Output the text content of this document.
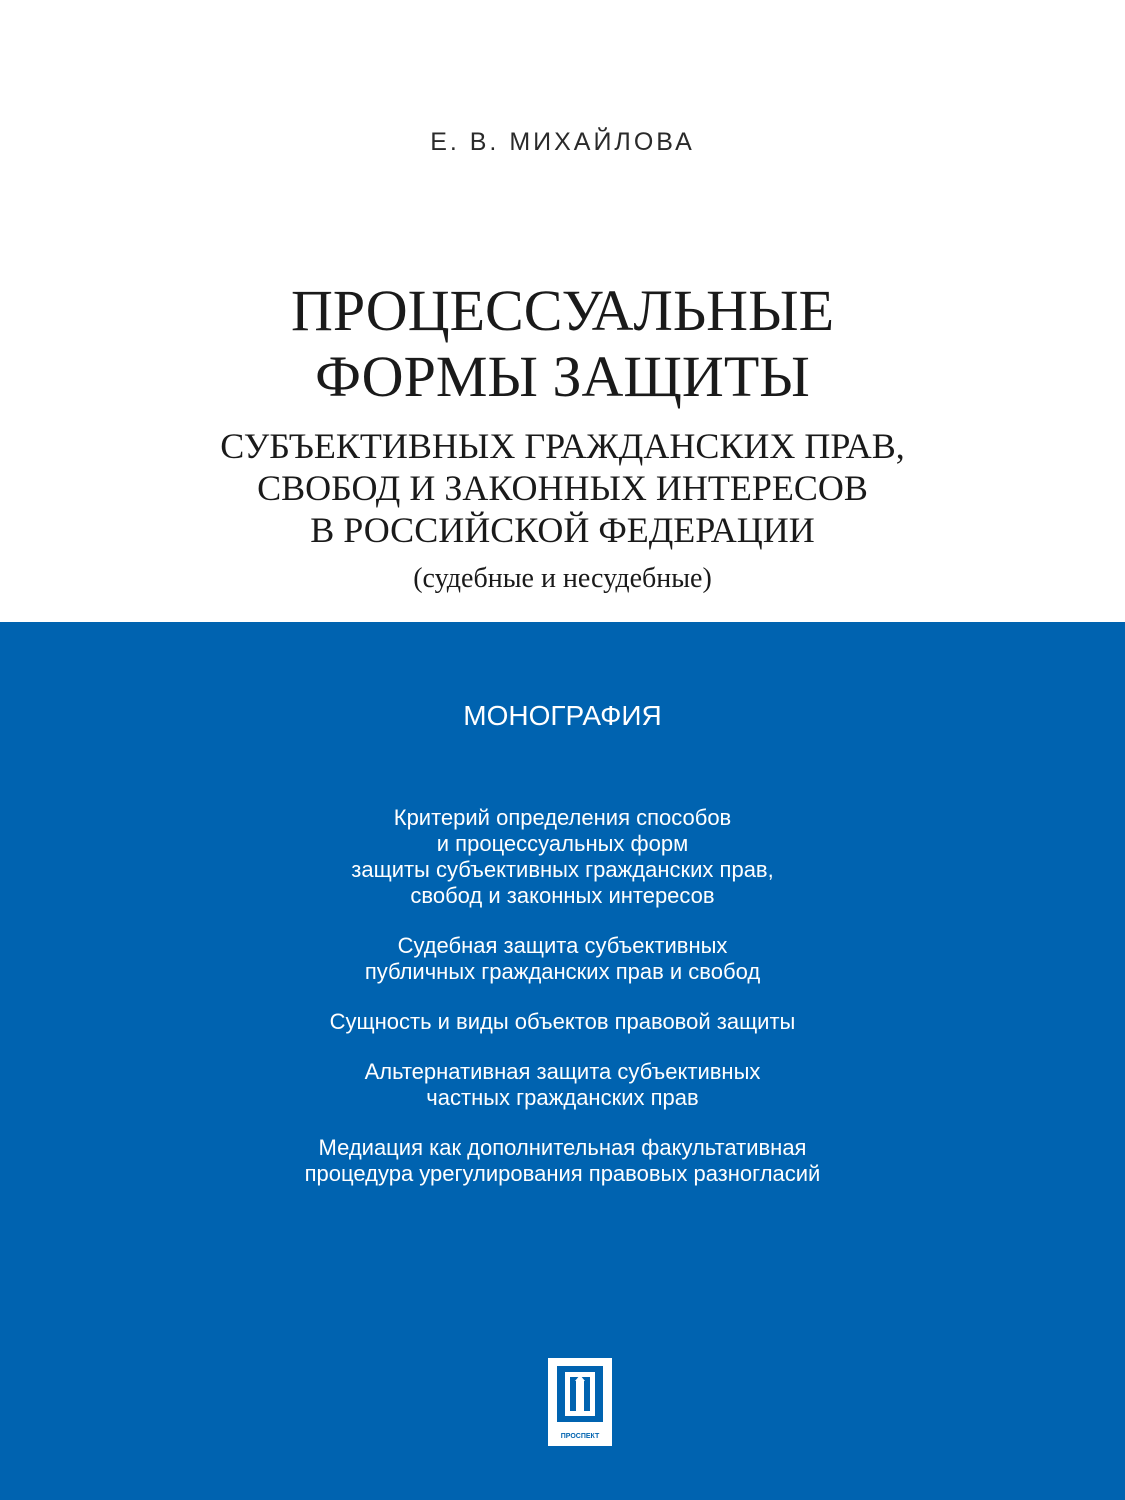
Е. В. МИХАЙЛОВА
ПРОЦЕССУАЛЬНЫЕ
ФОРМЫ ЗАЩИТЫ
СУБЪЕКТИВНЫХ ГРАЖДАНСКИХ ПРАВ,
СВОБОД И ЗАКОННЫХ ИНТЕРЕСОВ
В РОССИЙСКОЙ ФЕДЕРАЦИИ
(судебные и несудебные)
МОНОГРАФИЯ
Критерий определения способов
и процессуальных форм
защиты субъективных гражданских прав,
свобод и законных интересов
Судебная защита субъективных
публичных гражданских прав и свобод
Сущность и виды объектов правовой защиты
Альтернативная защита субъективных
частных гражданских прав
Медиация как дополнительная факультативная
процедура урегулирования правовых разногласий
ПРОСПЕКТ
